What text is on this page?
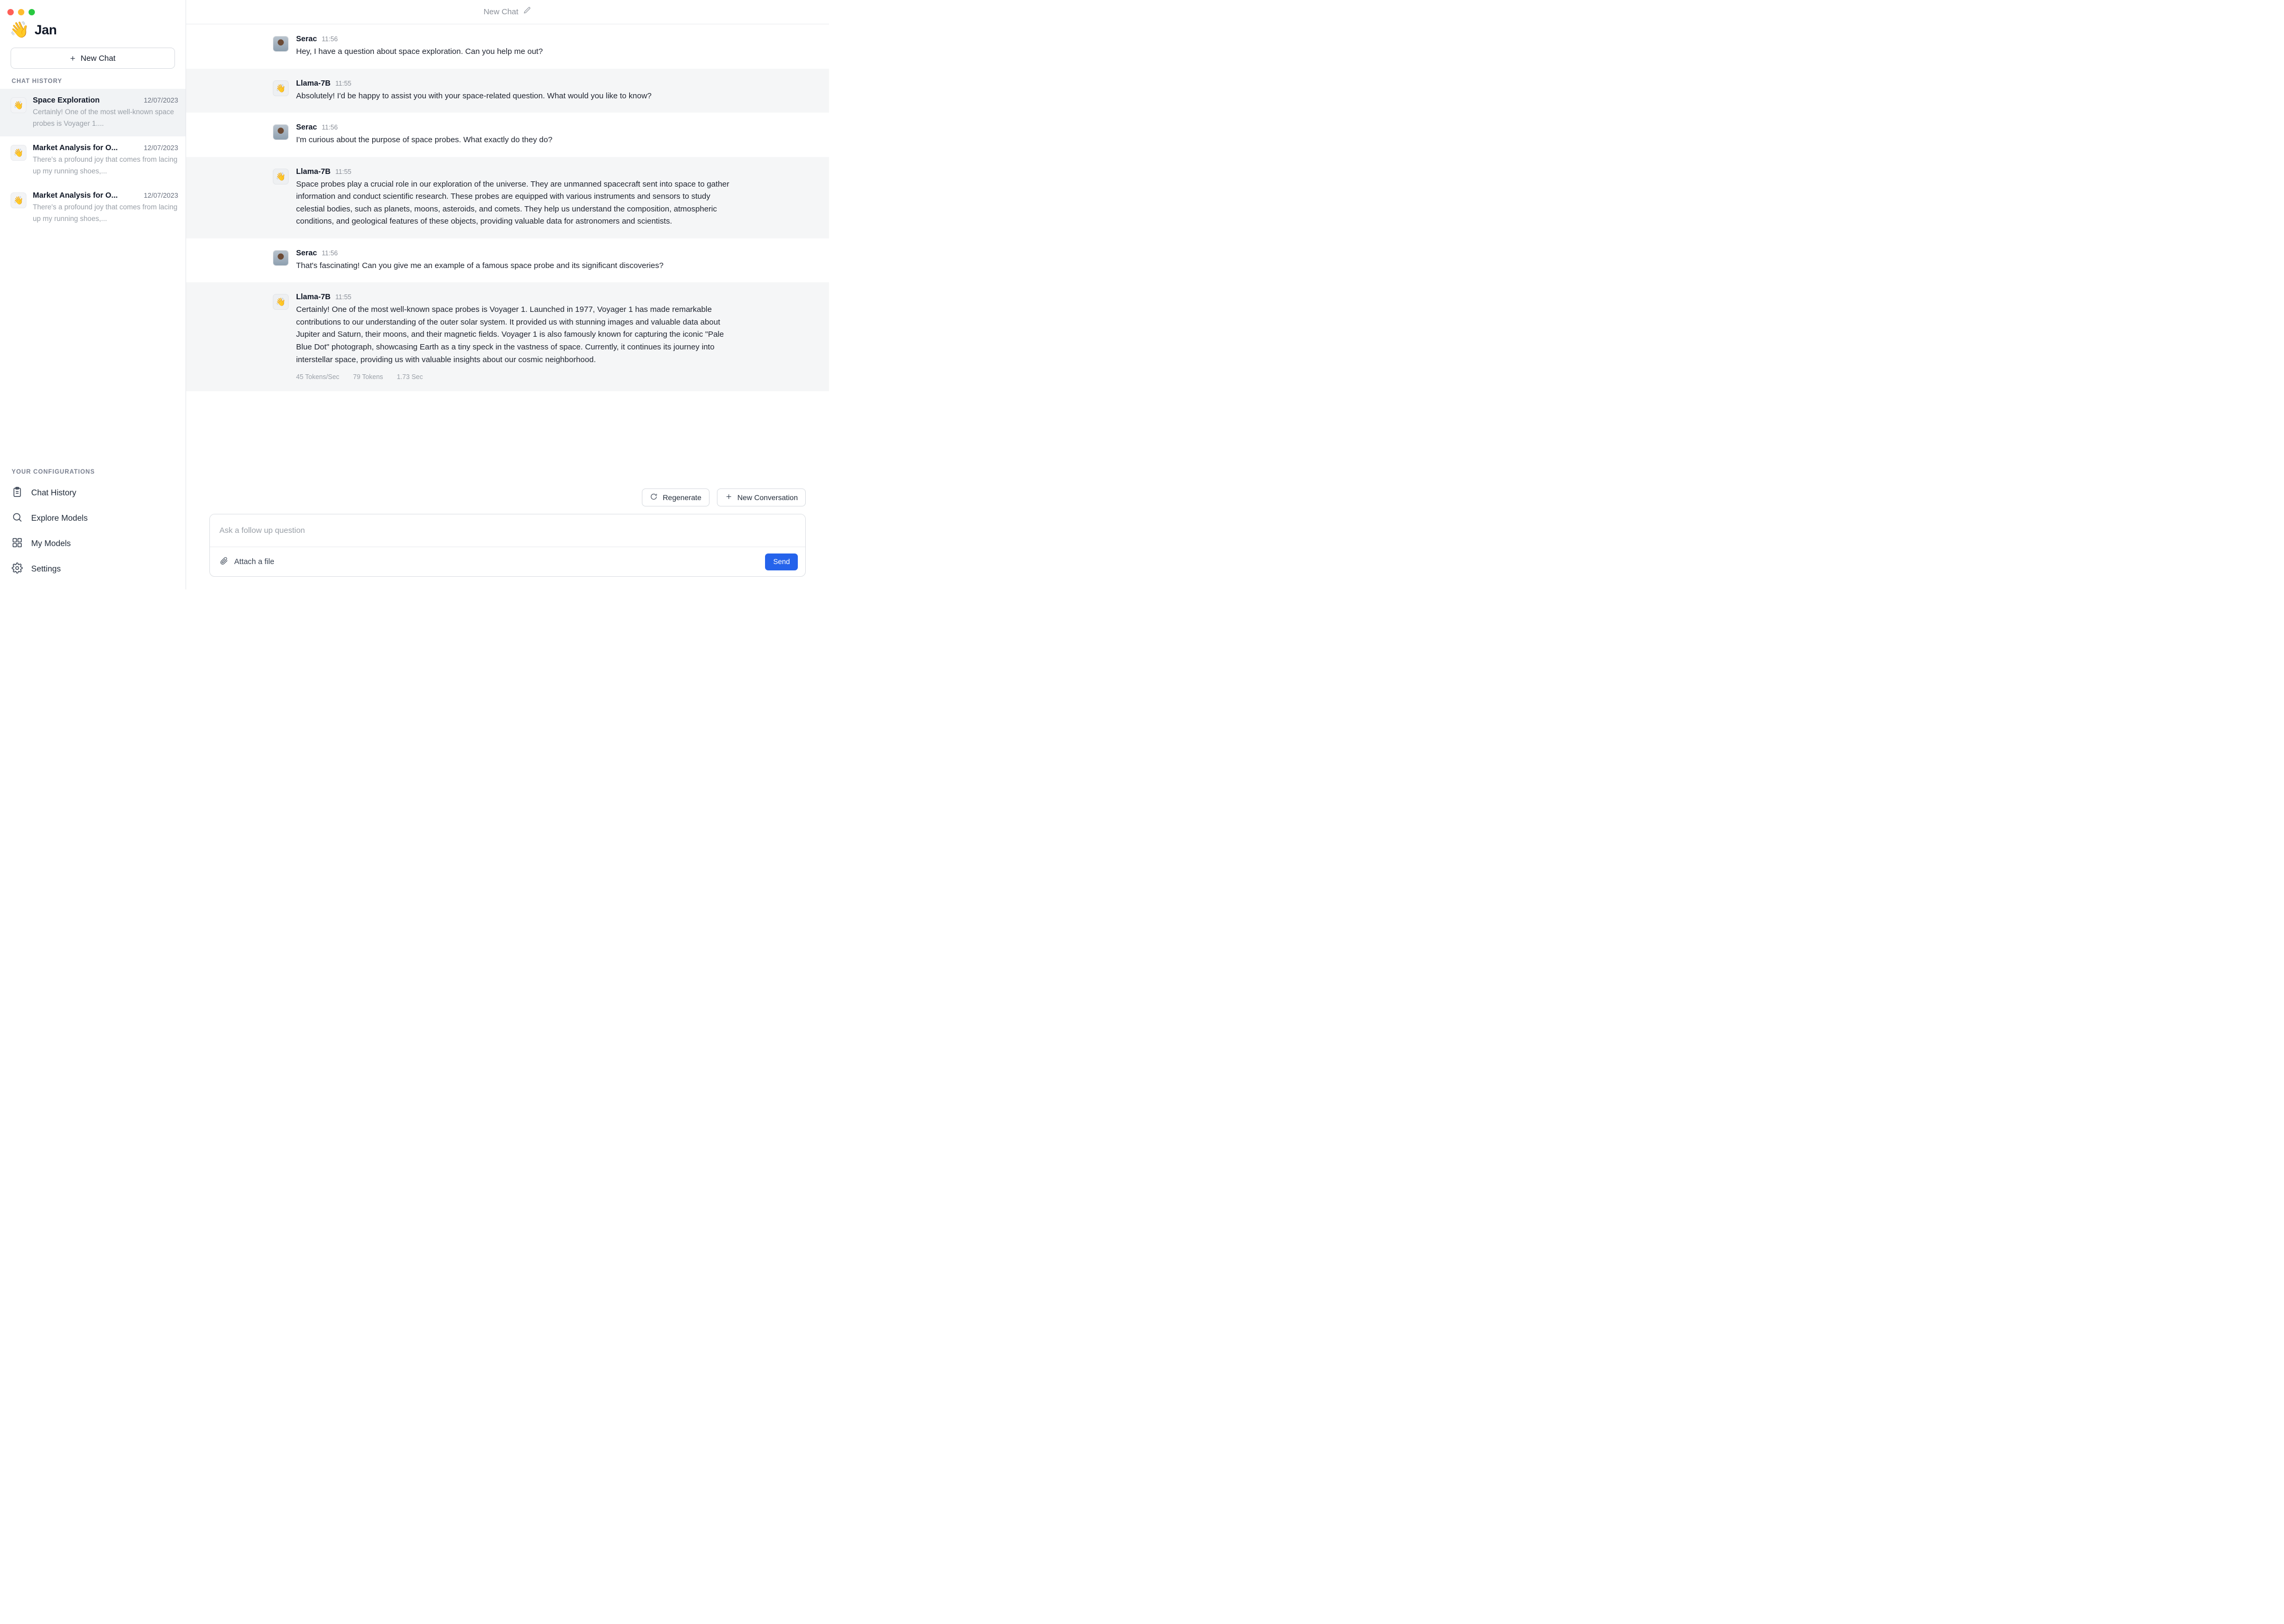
👋 Jan
+ New Chat
CHAT HISTORY
👋
Space Exploration	12/07/2023
Certainly! One of the most well-known space probes is Voyager 1....
👋
Market Analysis for O...	12/07/2023
There's a profound joy that comes from lacing up my running shoes,...
👋
Market Analysis for O...	12/07/2023
There's a profound joy that comes from lacing up my running shoes,...
YOUR CONFIGURATIONS
Chat History
Explore Models
My Models
Settings
New Chat
Serac 11:56
Hey, I have a question about space exploration. Can you help me out?
👋
Llama-7B 11:55
Absolutely! I'd be happy to assist you with your space-related question. What would you like to know?
Serac 11:56
I'm curious about the purpose of space probes. What exactly do they do?
👋
Llama-7B 11:55
Space probes play a crucial role in our exploration of the universe. They are unmanned spacecraft sent into space to gather information and conduct scientific research. These probes are equipped with various instruments and sensors to study celestial bodies, such as planets, moons, asteroids, and comets. They help us understand the composition, atmospheric conditions, and geological features of these objects, providing valuable data for astronomers and scientists.
Serac 11:56
That's fascinating! Can you give me an example of a famous space probe and its significant discoveries?
👋
Llama-7B 11:55
Certainly! One of the most well-known space probes is Voyager 1. Launched in 1977, Voyager 1 has made remarkable contributions to our understanding of the outer solar system. It provided us with stunning images and valuable data about Jupiter and Saturn, their moons, and their magnetic fields. Voyager 1 is also famously known for capturing the iconic "Pale Blue Dot" photograph, showcasing Earth as a tiny speck in the vastness of space. Currently, it continues its journey into interstellar space, providing us with valuable insights about our cosmic neighborhood.
45 Tokens/Sec 79 Tokens 1.73 Sec
Regenerate	New Conversation
Ask a follow up question
Attach a file	Send
